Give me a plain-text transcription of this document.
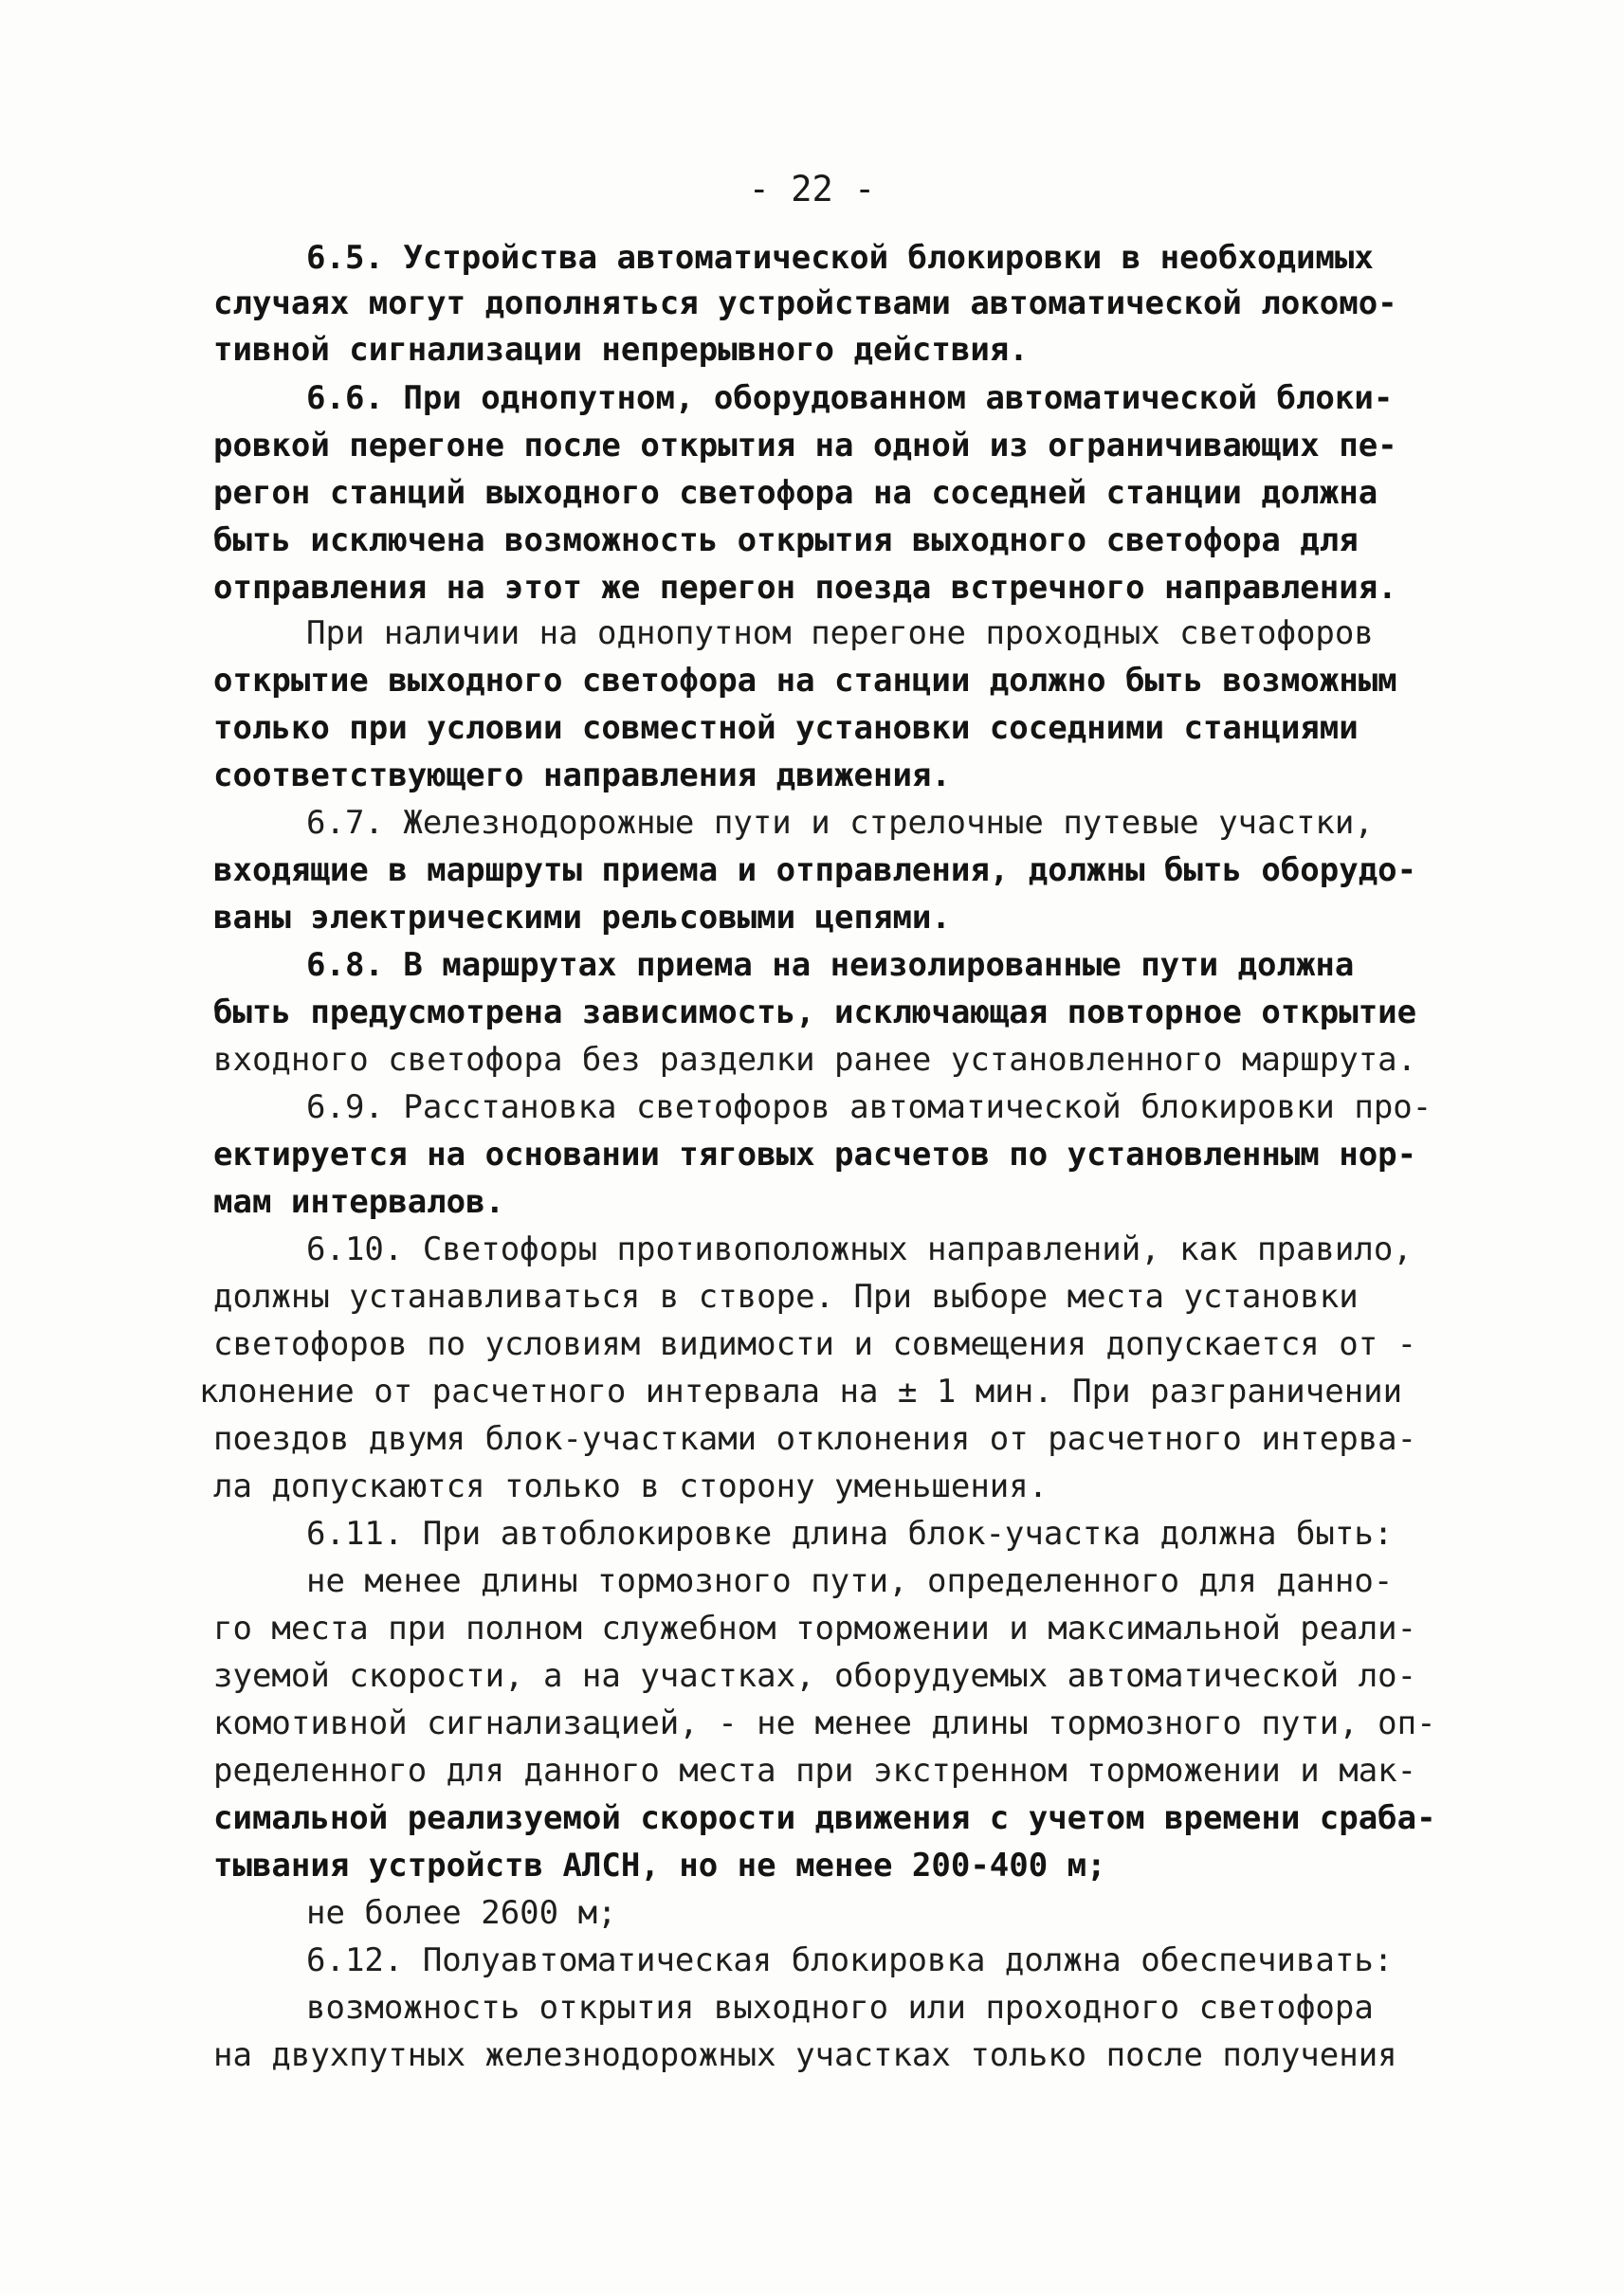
- 22 -
6.5. Устройства автоматической блокировки в необходимых
случаях могут дополняться устройствами автоматической локомо-
тивной сигнализации непрерывного действия.
6.6. При однопутном, оборудованном автоматической блоки-
ровкой перегоне после открытия на одной из ограничивающих пе-
регон станций выходного светофора на соседней станции должна
быть исключена возможность открытия выходного светофора для
отправления на этот же перегон поезда встречного направления.
При наличии на однопутном перегоне проходных светофоров
открытие выходного светофора на станции должно быть возможным
только при условии совместной установки соседними станциями
соответствующего направления движения.
6.7. Железнодорожные пути и стрелочные путевые участки,
входящие в маршруты приема и отправления, должны быть оборудо-
ваны электрическими рельсовыми цепями.
6.8. В маршрутах приема на неизолированные пути должна
быть предусмотрена зависимость, исключающая повторное открытие
входного светофора без разделки ранее установленного маршрута.
6.9. Расстановка светофоров автоматической блокировки про-
ектируется на основании тяговых расчетов по установленным нор-
мам интервалов.
6.10. Светофоры противоположных направлений, как правило,
должны устанавливаться в створе. При выборе места установки
светофоров по условиям видимости и совмещения допускается от -
клонение от расчетного интервала на ± 1 мин. При разграничении
поездов двумя блок-участками отклонения от расчетного интерва-
ла допускаются только в сторону уменьшения.
6.11. При автоблокировке длина блок-участка должна быть:
не менее длины тормозного пути, определенного для данно-
го места при полном служебном торможении и максимальной реали-
зуемой скорости, а на участках, оборудуемых автоматической ло-
комотивной сигнализацией, - не менее длины тормозного пути, оп-
ределенного для данного места при экстренном торможении и мак-
симальной реализуемой скорости движения с учетом времени сраба-
тывания устройств АЛСН, но не менее 200-400 м;
не более 2600 м;
6.12. Полуавтоматическая блокировка должна обеспечивать:
возможность открытия выходного или проходного светофора
на двухпутных железнодорожных участках только после получения
